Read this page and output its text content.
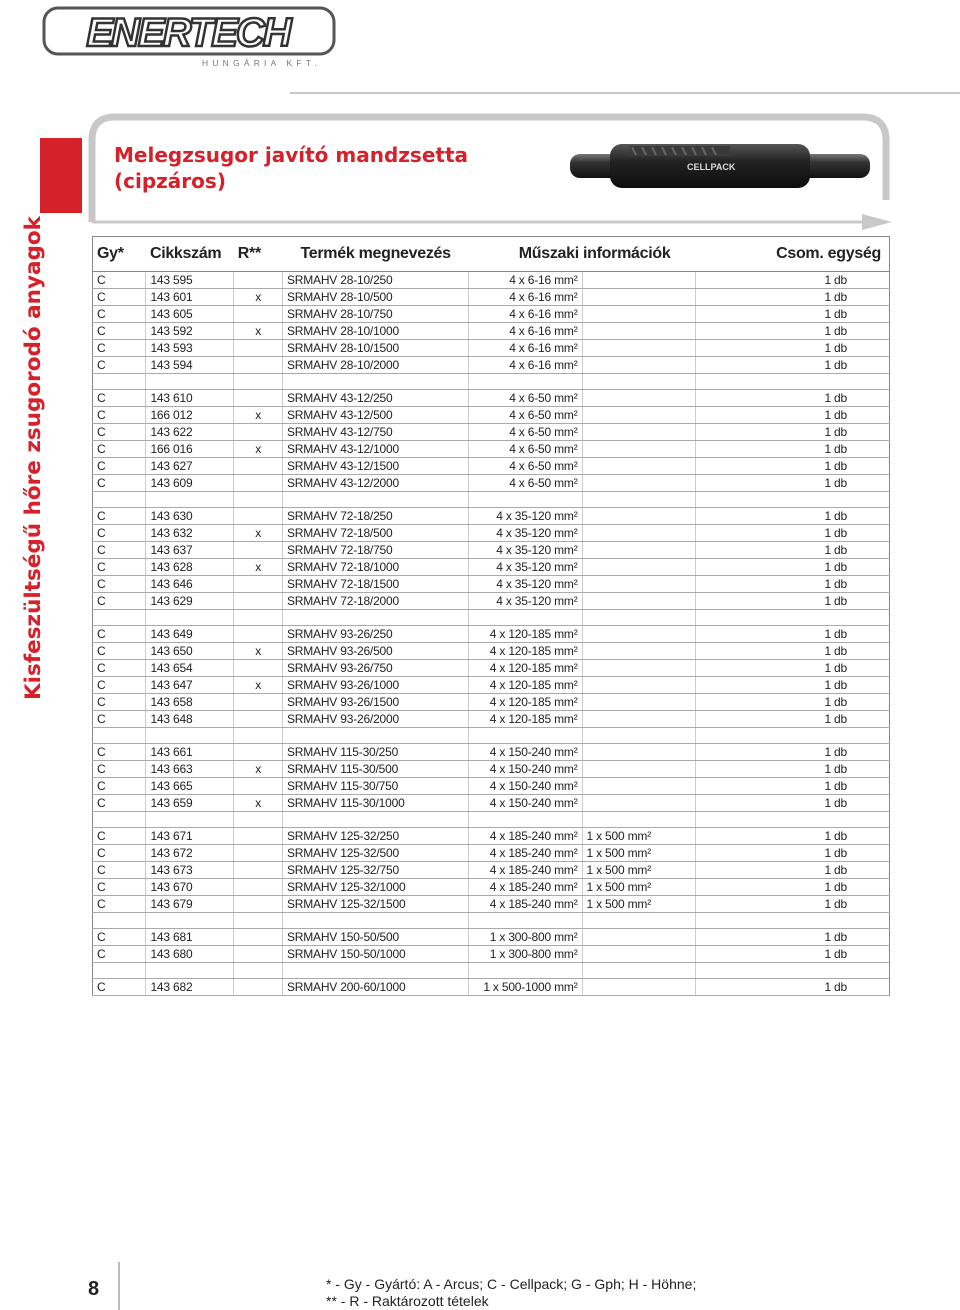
ENERTECH
HUNGÁRIA KFT.
Kisfeszültségű hőre zsugorodó anyagok
Melegzsugor javító mandzsetta
(cipzáros)
CELLPACK
Gy*	Cikkszám	R**	Termék megnevezés	Műszaki információk		Csom. egység
C	143 595		SRMAHV 28-10/250	4 x 6-16 mm²		1 db
C	143 601	x	SRMAHV 28-10/500	4 x 6-16 mm²		1 db
C	143 605		SRMAHV 28-10/750	4 x 6-16 mm²		1 db
C	143 592	x	SRMAHV 28-10/1000	4 x 6-16 mm²		1 db
C	143 593		SRMAHV 28-10/1500	4 x 6-16 mm²		1 db
C	143 594		SRMAHV 28-10/2000	4 x 6-16 mm²		1 db

C	143 610		SRMAHV 43-12/250	4 x 6-50 mm²		1 db
C	166 012	x	SRMAHV 43-12/500	4 x 6-50 mm²		1 db
C	143 622		SRMAHV 43-12/750	4 x 6-50 mm²		1 db
C	166 016	x	SRMAHV 43-12/1000	4 x 6-50 mm²		1 db
C	143 627		SRMAHV 43-12/1500	4 x 6-50 mm²		1 db
C	143 609		SRMAHV 43-12/2000	4 x 6-50 mm²		1 db

C	143 630		SRMAHV 72-18/250	4 x 35-120 mm²		1 db
C	143 632	x	SRMAHV 72-18/500	4 x 35-120 mm²		1 db
C	143 637		SRMAHV 72-18/750	4 x 35-120 mm²		1 db
C	143 628	x	SRMAHV 72-18/1000	4 x 35-120 mm²		1 db
C	143 646		SRMAHV 72-18/1500	4 x 35-120 mm²		1 db
C	143 629		SRMAHV 72-18/2000	4 x 35-120 mm²		1 db

C	143 649		SRMAHV 93-26/250	4 x 120-185 mm²		1 db
C	143 650	x	SRMAHV 93-26/500	4 x 120-185 mm²		1 db
C	143 654		SRMAHV 93-26/750	4 x 120-185 mm²		1 db
C	143 647	x	SRMAHV 93-26/1000	4 x 120-185 mm²		1 db
C	143 658		SRMAHV 93-26/1500	4 x 120-185 mm²		1 db
C	143 648		SRMAHV 93-26/2000	4 x 120-185 mm²		1 db

C	143 661		SRMAHV 115-30/250	4 x 150-240 mm²		1 db
C	143 663	x	SRMAHV 115-30/500	4 x 150-240 mm²		1 db
C	143 665		SRMAHV 115-30/750	4 x 150-240 mm²		1 db
C	143 659	x	SRMAHV 115-30/1000	4 x 150-240 mm²		1 db

C	143 671		SRMAHV 125-32/250	4 x 185-240 mm²	1 x 500 mm²	1 db
C	143 672		SRMAHV 125-32/500	4 x 185-240 mm²	1 x 500 mm²	1 db
C	143 673		SRMAHV 125-32/750	4 x 185-240 mm²	1 x 500 mm²	1 db
C	143 670		SRMAHV 125-32/1000	4 x 185-240 mm²	1 x 500 mm²	1 db
C	143 679		SRMAHV 125-32/1500	4 x 185-240 mm²	1 x 500 mm²	1 db

C	143 681		SRMAHV 150-50/500	1 x 300-800 mm²		1 db
C	143 680		SRMAHV 150-50/1000	1 x 300-800 mm²		1 db

C	143 682		SRMAHV 200-60/1000	1 x 500-1000 mm²		1 db
8	* - Gy - Gyártó: A - Arcus; C - Cellpack; G - Gph; H - Höhne;
** - R - Raktározott tételek
